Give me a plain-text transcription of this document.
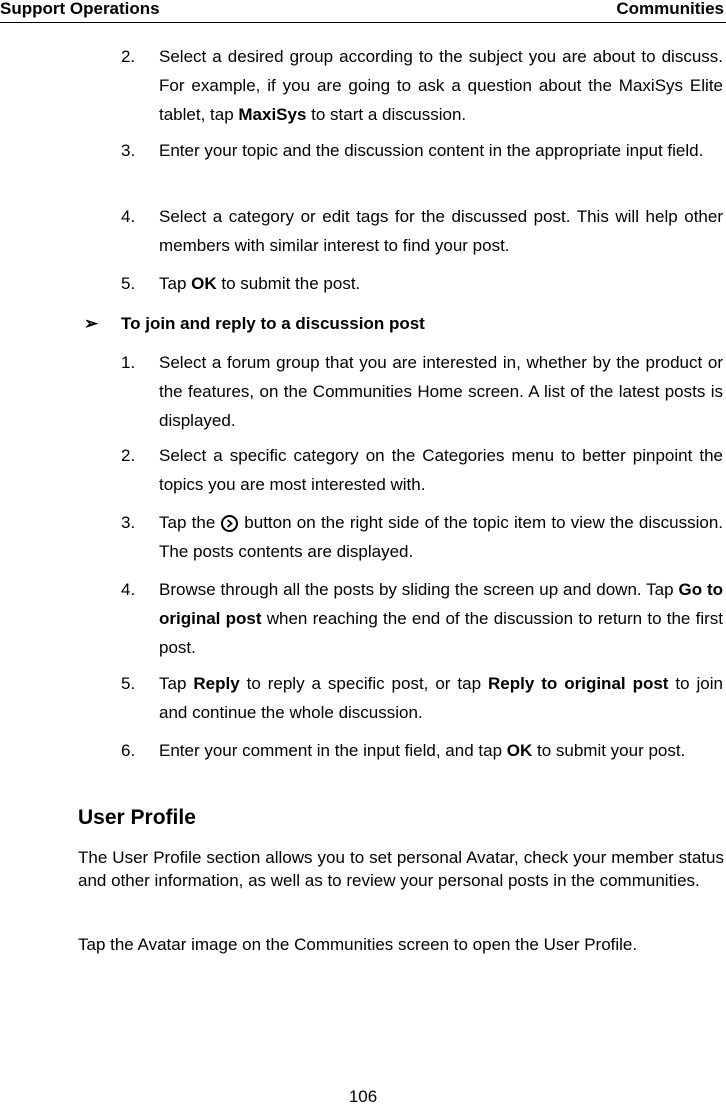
Support Operations	Communities
2. Select a desired group according to the subject you are about to discuss. For example, if you are going to ask a question about the MaxiSys Elite tablet, tap MaxiSys to start a discussion.
3. Enter your topic and the discussion content in the appropriate input field.
4. Select a category or edit tags for the discussed post. This will help other members with similar interest to find your post.
5. Tap OK to submit the post.
➢ To join and reply to a discussion post
1. Select a forum group that you are interested in, whether by the product or the features, on the Communities Home screen. A list of the latest posts is displayed.
2. Select a specific category on the Categories menu to better pinpoint the topics you are most interested with.
3. Tap the button on the right side of the topic item to view the discussion. The posts contents are displayed.
4. Browse through all the posts by sliding the screen up and down. Tap Go to original post when reaching the end of the discussion to return to the first post.
5. Tap Reply to reply a specific post, or tap Reply to original post to join and continue the whole discussion.
6. Enter your comment in the input field, and tap OK to submit your post.
User Profile
The User Profile section allows you to set personal Avatar, check your member status and other information, as well as to review your personal posts in the communities.
Tap the Avatar image on the Communities screen to open the User Profile.
106
